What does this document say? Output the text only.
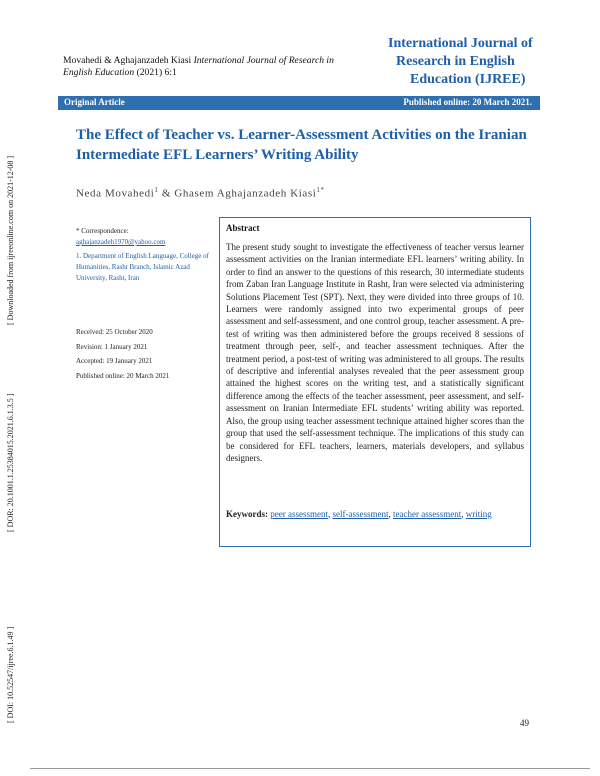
[ Downloaded from ijreeonline.com on 2021-12-08 ]
[ DOR: 20.1001.1.25384015.2021.6.1.3.5 ]
[ DOI: 10.52547/ijree.6.1.49 ]
Movahedi & Aghajanzadeh Kiasi International Journal of Research in English Education (2021) 6:1
International Journal of
Research in English
Education (IJREE)
Original Article	Published online: 20 March 2021.
The Effect of Teacher vs. Learner-Assessment Activities on the Iranian Intermediate EFL Learners’ Writing Ability
Neda Movahedi$^1$ & Ghasem Aghajanzadeh Kiasi$^{1*}$
* Correspondence:
aghajanzadeh1970@yahoo.com
1. Department of English Language, College of Humanities, Rasht Branch, Islamic Azad University, Rasht, Iran
Received: 25 October 2020
Revision: 1 January 2021
Accepted: 19 January 2021
Published online: 20 March 2021
Abstract
The present study sought to investigate the effectiveness of teacher versus learner assessment activities on the Iranian intermediate EFL learners’ writing ability. In order to find an answer to the questions of this research, 30 intermediate students from Zaban Iran Language Institute in Rasht, Iran were selected via administering Solutions Placement Test (SPT). Next, they were divided into three groups of 10. Learners were randomly assigned into two experimental groups of peer assessment and self-assessment, and one control group, teacher assessment. A pre-test of writing was then administered before the groups received 8 sessions of treatment through peer, self-, and teacher assessment techniques. After the treatment period, a post-test of writing was administered to all groups. The results of descriptive and inferential analyses revealed that the peer assessment group attained the highest scores on the writing test, and a statistically significant difference among the effects of the teacher assessment, peer assessment, and self-assessment on Iranian Intermediate EFL students’ writing ability was reported. Also, the group using teacher assessment technique attained higher scores than the group that used the self-assessment technique. The implications of this study can be considered for EFL teachers, learners, materials developers, and syllabus designers.
Keywords: peer assessment, self-assessment, teacher assessment, writing
49
